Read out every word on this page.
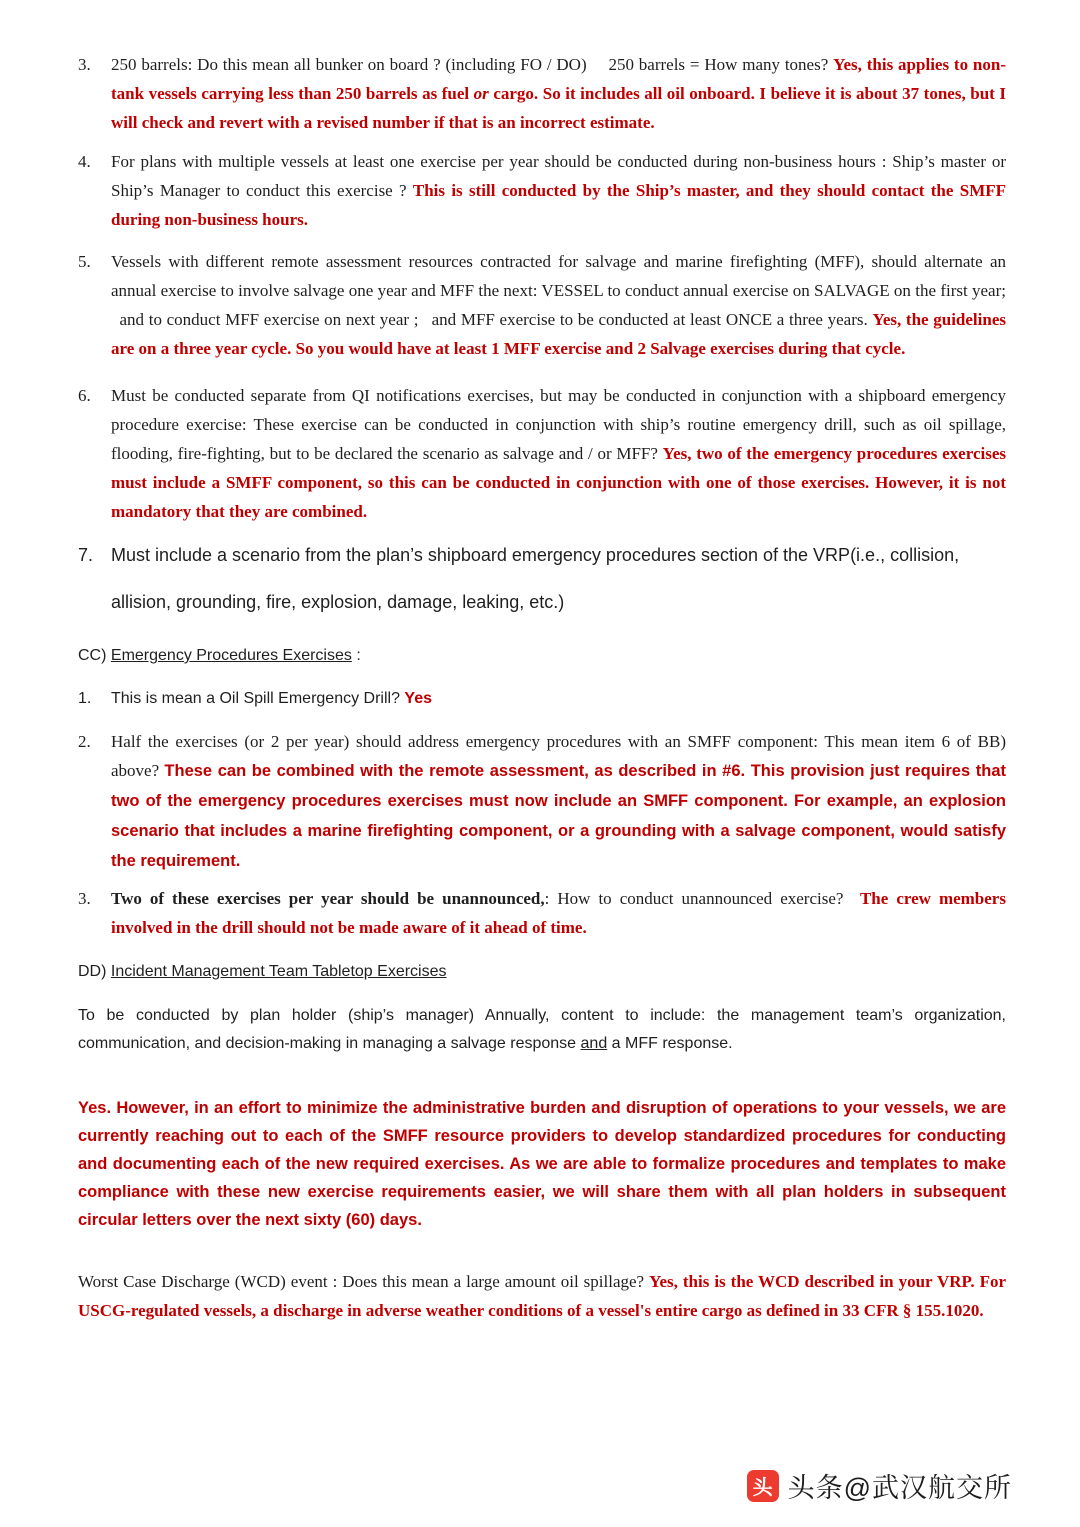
3.	250 barrels: Do this mean all bunker on board ? (including FO / DO)  250 barrels = How many tones? Yes, this applies to non-tank vessels carrying less than 250 barrels as fuel or cargo. So it includes all oil onboard. I believe it is about 37 tones, but I will check and revert with a revised number if that is an incorrect estimate.
4.	For plans with multiple vessels at least one exercise per year should be conducted during non-business hours : Ship’s master or Ship’s Manager to conduct this exercise ? This is still conducted by the Ship’s master, and they should contact the SMFF during non-business hours.
5.	Vessels with different remote assessment resources contracted for salvage and marine firefighting (MFF), should alternate an annual exercise to involve salvage one year and MFF the next: VESSEL to conduct annual exercise on SALVAGE on the first year;  and to conduct MFF exercise on next year ;  and MFF exercise to be conducted at least ONCE a three years. Yes, the guidelines are on a three year cycle. So you would have at least 1 MFF exercise and 2 Salvage exercises during that cycle.
6.	Must be conducted separate from QI notifications exercises, but may be conducted in conjunction with a shipboard emergency procedure exercise: These exercise can be conducted in conjunction with ship’s routine emergency drill, such as oil spillage, flooding, fire-fighting, but to be declared the scenario as salvage and / or MFF? Yes, two of the emergency procedures exercises must include a SMFF component, so this can be conducted in conjunction with one of those exercises. However, it is not mandatory that they are combined.
7. Must include a scenario from the plan’s shipboard emergency procedures section of the VRP(i.e., collision, allision, grounding, fire, explosion, damage, leaking, etc.)
CC) Emergency Procedures Exercises :
1.	This is mean a Oil Spill Emergency Drill? Yes
2.	Half the exercises (or 2 per year) should address emergency procedures with an SMFF component: This mean item 6 of BB) above? These can be combined with the remote assessment, as described in #6. This provision just requires that two of the emergency procedures exercises must now include an SMFF component. For example, an explosion scenario that includes a marine firefighting component, or a grounding with a salvage component, would satisfy the requirement.
3.	Two of these exercises per year should be unannounced,: How to conduct unannounced exercise?  The crew members involved in the drill should not be made aware of it ahead of time.
DD) Incident Management Team Tabletop Exercises
To be conducted by plan holder (ship’s manager) Annually, content to include: the management team’s organization, communication, and decision-making in managing a salvage response and a MFF response.
Yes. However, in an effort to minimize the administrative burden and disruption of operations to your vessels, we are currently reaching out to each of the SMFF resource providers to develop standardized procedures for conducting and documenting each of the new required exercises. As we are able to formalize procedures and templates to make compliance with these new exercise requirements easier, we will share them with all plan holders in subsequent circular letters over the next sixty (60) days.
Worst Case Discharge (WCD) event : Does this mean a large amount oil spillage? Yes, this is the WCD described in your VRP. For USCG-regulated vessels, a discharge in adverse weather conditions of a vessel's entire cargo as defined in 33 CFR § 155.1020.
头 头条@武汉航交所
